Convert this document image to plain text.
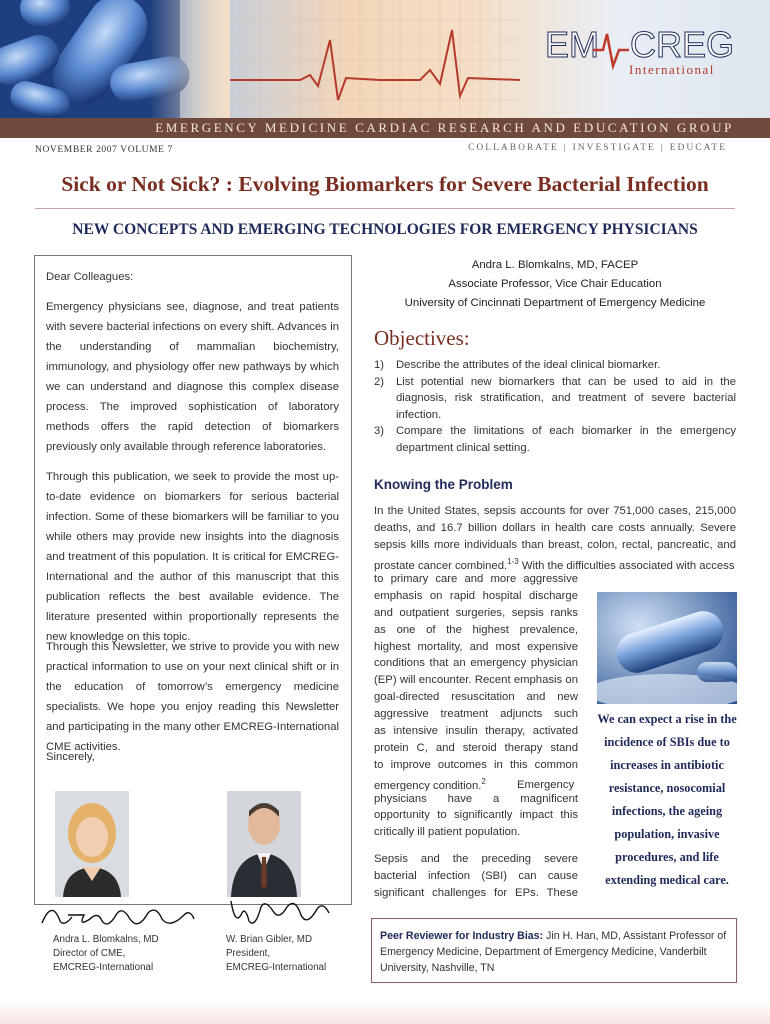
EM CREG
International
EMERGENCY MEDICINE CARDIAC RESEARCH AND EDUCATION GROUP
NOVEMBER 2007 VOLUME 7	COLLABORATE | INVESTIGATE | EDUCATE
Sick or Not Sick? : Evolving Biomarkers for Severe Bacterial Infection
NEW CONCEPTS AND EMERGING TECHNOLOGIES FOR EMERGENCY PHYSICIANS
Dear Colleagues:
Emergency physicians see, diagnose, and treat patients with severe bacterial infections on every shift. Advances in the understanding of mammalian biochemistry, immunology, and physiology offer new pathways by which we can understand and diagnose this complex disease process. The improved sophistication of laboratory methods offers the rapid detection of biomarkers previously only available through reference laboratories.
Through this publication, we seek to provide the most up-to-date evidence on biomarkers for serious bacterial infection. Some of these biomarkers will be familiar to you while others may provide new insights into the diagnosis and treatment of this population. It is critical for EMCREG-International and the author of this manuscript that this publication reflects the best available evidence. The literature presented within proportionally represents the new knowledge on this topic.
Through this Newsletter, we strive to provide you with new practical information to use on your next clinical shift or in the education of tomorrow’s emergency medicine specialists. We hope you enjoy reading this Newsletter and participating in the many other EMCREG-International CME activities.
Sincerely,
Andra L. Blomkalns, MD
Director of CME,
EMCREG-International
W. Brian Gibler, MD
President,
EMCREG-International
Andra L. Blomkalns, MD, FACEP
Associate Professor, Vice Chair Education
University of Cincinnati Department of Emergency Medicine
Objectives:
1) Describe the attributes of the ideal clinical biomarker.
2) List potential new biomarkers that can be used to aid in the diagnosis, risk stratification, and treatment of severe bacterial infection.
3) Compare the limitations of each biomarker in the emergency department clinical setting.
Knowing the Problem
In the United States, sepsis accounts for over 751,000 cases, 215,000 deaths, and 16.7 billion dollars in health care costs annually. Severe sepsis kills more individuals than breast, colon, rectal, pancreatic, and prostate cancer combined.$^{1-3}$ With the difficulties associated with access
to primary care and more aggressive
emphasis on rapid hospital discharge
and outpatient surgeries, sepsis ranks
as one of the highest prevalence,
highest mortality, and most expensive
conditions that an emergency physician
(EP) will encounter. Recent emphasis on
goal-directed resuscitation and new
aggressive treatment adjuncts such
as intensive insulin therapy, activated
protein C, and steroid therapy stand
to improve outcomes in this common
emergency condition.$^2$ Emergency
physicians have a magnificent
opportunity to significantly impact this
critically ill patient population.
Sepsis and the preceding severe
bacterial infection (SBI) can cause
significant challenges for EPs. These
We can expect a rise in the incidence of SBIs due to increases in antibiotic resistance, nosocomial infections, the ageing population, invasive procedures, and life extending medical care.
Peer Reviewer for Industry Bias: Jin H. Han, MD, Assistant Professor of Emergency Medicine, Department of Emergency Medicine, Vanderbilt University, Nashville, TN
